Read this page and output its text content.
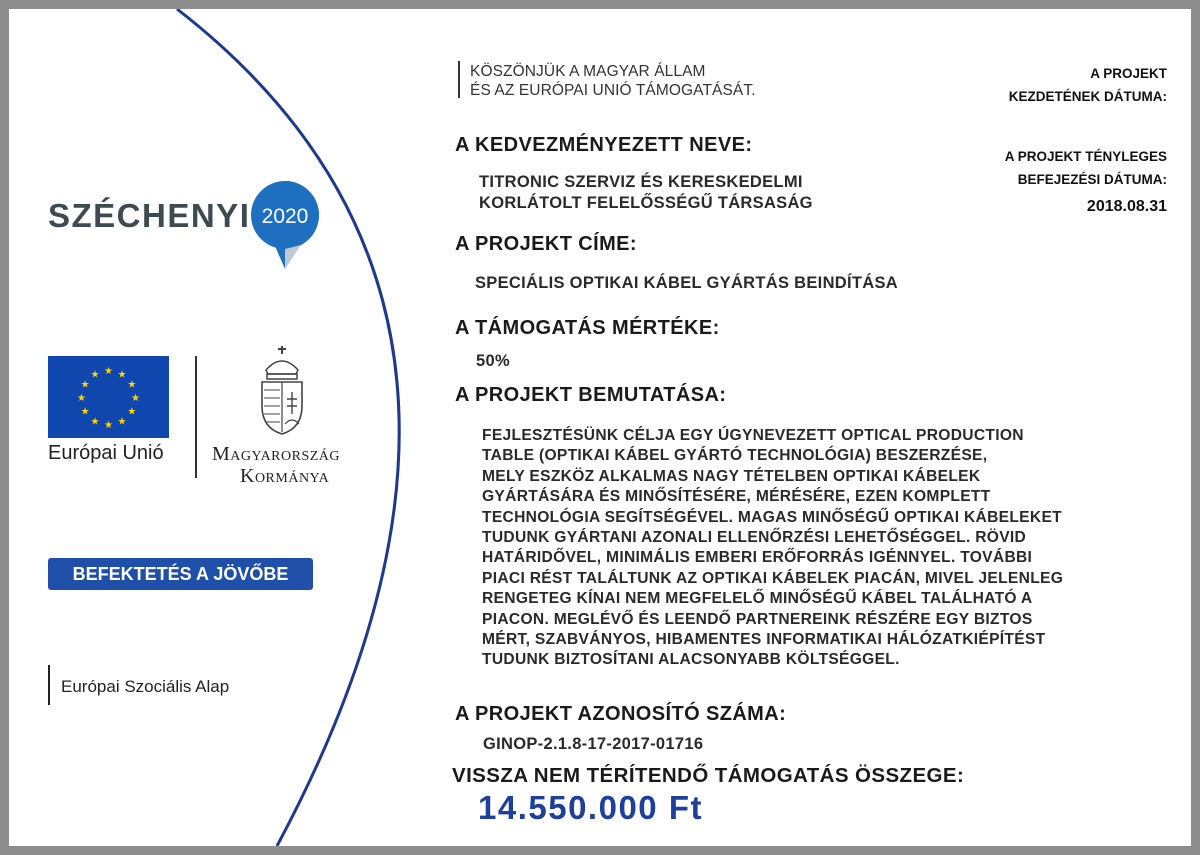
SZÉCHENYI 2020
★ ★
★
★
★
★
★
★
★
★
★
★
Európai Unió Magyarország
Kormánya
BEFEKTETÉS A JÖVŐBE
Európai Szociális Alap
KÖSZÖNJÜK A MAGYAR ÁLLAM
ÉS AZ EURÓPAI UNIÓ TÁMOGATÁSÁT.
A PROJEKT
KEZDETÉNEK DÁTUMA:
A PROJEKT TÉNYLEGES
BEFEJEZÉSI DÁTUMA:
2018.08.31
A KEDVEZMÉNYEZETT NEVE:
TITRONIC SZERVIZ ÉS KERESKEDELMI
KORLÁTOLT FELELŐSSÉGŰ TÁRSASÁG
A PROJEKT CÍME:
SPECIÁLIS OPTIKAI KÁBEL GYÁRTÁS BEINDÍTÁSA
A TÁMOGATÁS MÉRTÉKE:
50%
A PROJEKT BEMUTATÁSA:
FEJLESZTÉSÜNK CÉLJA EGY ÚGYNEVEZETT OPTICAL PRODUCTION
TABLE (OPTIKAI KÁBEL GYÁRTÓ TECHNOLÓGIA) BESZERZÉSE,
MELY ESZKÖZ ALKALMAS NAGY TÉTELBEN OPTIKAI KÁBELEK
GYÁRTÁSÁRA ÉS MINŐSÍTÉSÉRE, MÉRÉSÉRE, EZEN KOMPLETT
TECHNOLÓGIA SEGÍTSÉGÉVEL. MAGAS MINŐSÉGŰ OPTIKAI KÁBELEKET
TUDUNK GYÁRTANI AZONALI ELLENŐRZÉSI LEHETŐSÉGGEL. RÖVID
HATÁRIDŐVEL, MINIMÁLIS EMBERI ERŐFORRÁS IGÉNNYEL. TOVÁBBI
PIACI RÉST TALÁLTUNK AZ OPTIKAI KÁBELEK PIACÁN, MIVEL JELENLEG
RENGETEG KÍNAI NEM MEGFELELŐ MINŐSÉGŰ KÁBEL TALÁLHATÓ A
PIACON. MEGLÉVŐ ÉS LEENDŐ PARTNEREINK RÉSZÉRE EGY BIZTOS
MÉRT, SZABVÁNYOS, HIBAMENTES INFORMATIKAI HÁLÓZATKIÉPÍTÉST
TUDUNK BIZTOSÍTANI ALACSONYABB KÖLTSÉGGEL.
A PROJEKT AZONOSÍTÓ SZÁMA:
GINOP-2.1.8-17-2017-01716
VISSZA NEM TÉRÍTENDŐ TÁMOGATÁS ÖSSZEGE:
14.550.000 Ft
